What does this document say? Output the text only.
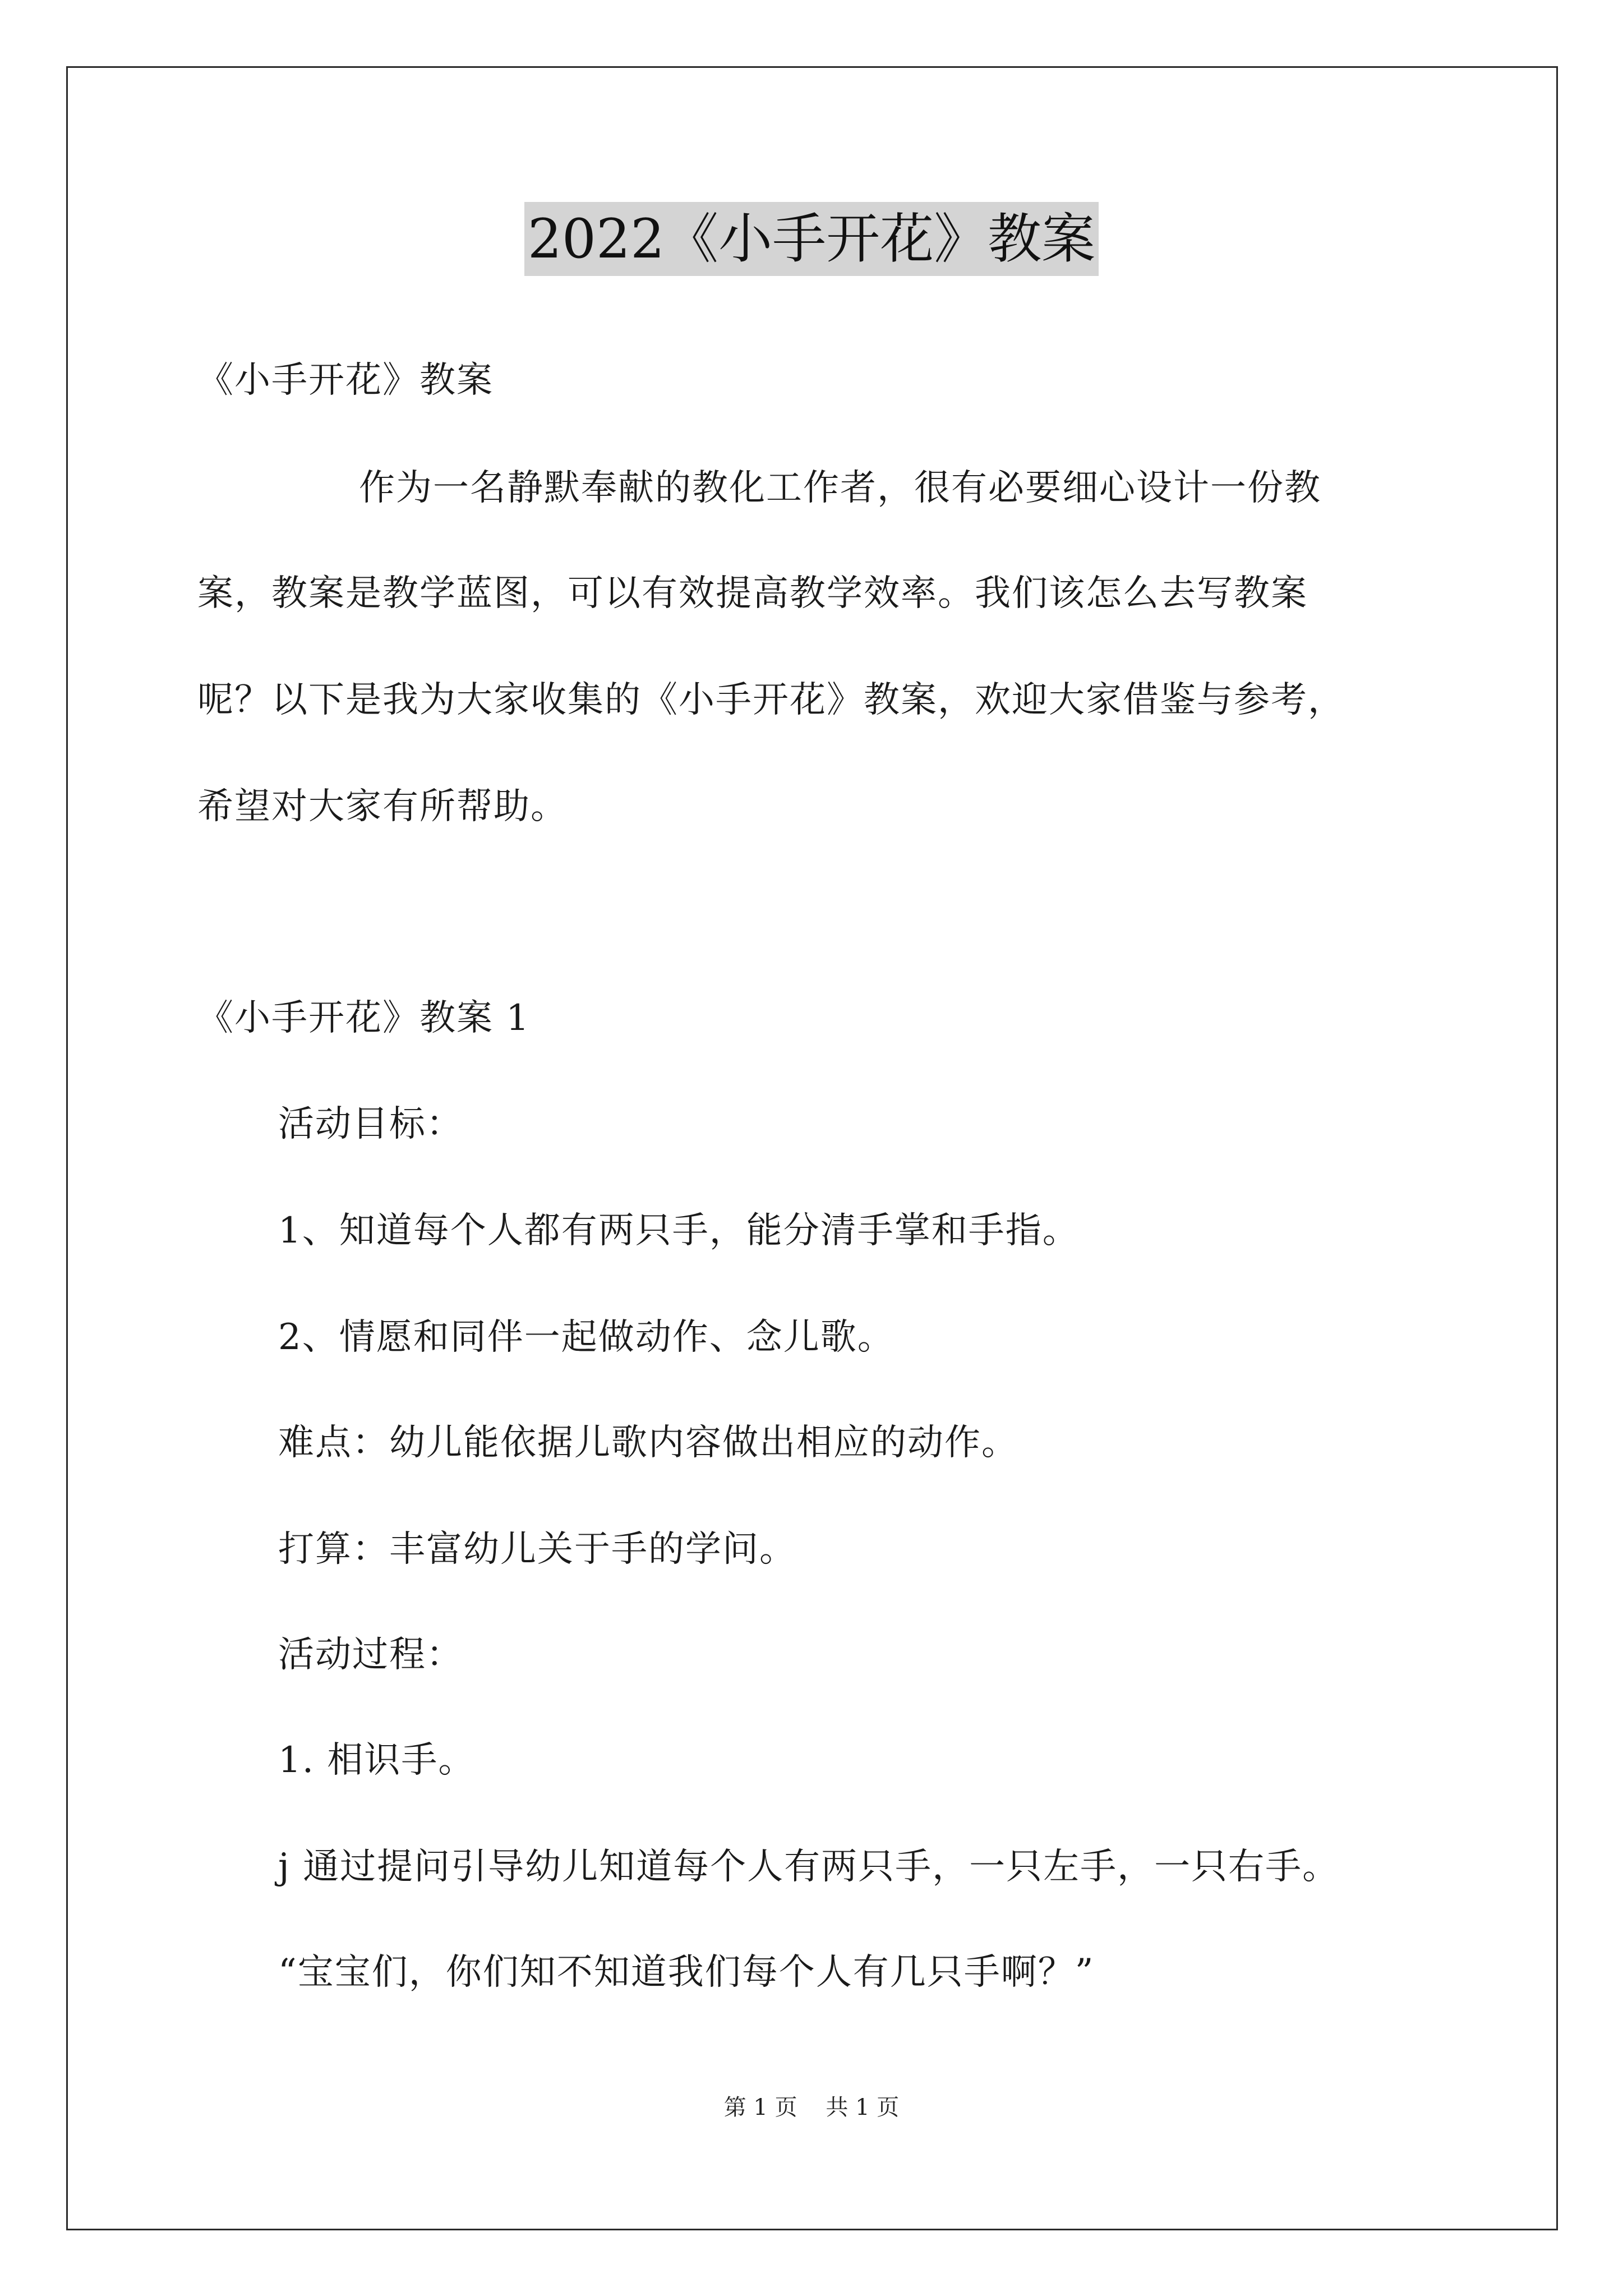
2022《小手开花》教案
《小手开花》教案
作为一名静默奉献的教化工作者，很有必要细心设计一份教
案，教案是教学蓝图，可以有效提高教学效率。我们该怎么去写教案
呢？以下是我为大家收集的《小手开花》教案，欢迎大家借鉴与参考，
希望对大家有所帮助。
《小手开花》教案 1
活动目标：
1、知道每个人都有两只手，能分清手掌和手指。
2、情愿和同伴一起做动作、念儿歌。
难点：幼儿能依据儿歌内容做出相应的动作。
打算：丰富幼儿关于手的学问。
活动过程：
1. 相识手。
j 通过提问引导幼儿知道每个人有两只手，一只左手，一只右手。
“宝宝们，你们知不知道我们每个人有几只手啊？”
第 1 页    共 1 页
